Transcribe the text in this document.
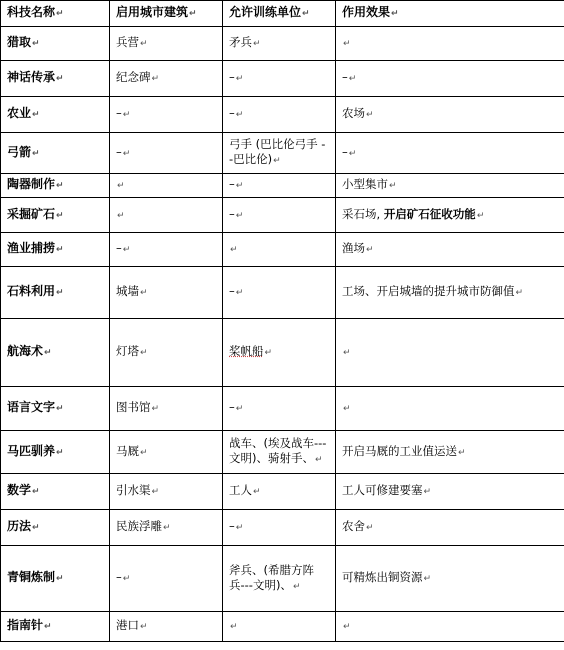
科技名称↵	启用城市建筑↵	允许训练单位↵	作用效果↵
猎取↵	兵营↵	矛兵↵	↵
神话传承↵	纪念碑↵	–↵	–↵
农业↵	–↵	–↵	农场↵
弓箭↵	–↵	弓手 (巴比伦弓手 --巴比伦)↵	–↵
陶器制作↵	↵	–↵	小型集市↵
采掘矿石↵	↵	–↵	采石场, 开启矿石征收功能↵
渔业捕捞↵	–↵	↵	渔场↵
石料利用↵	城墙↵	–↵	工场、开启城墙的提升城市防御值↵
航海术↵	灯塔↵	桨帆船↵	↵
语言文字↵	图书馆↵	–↵	↵
马匹驯养↵	马厩↵	战车、(埃及战车---文明)、骑射手、↵	开启马厩的工业值运送↵
数学↵	引水渠↵	工人↵	工人可修建要塞↵
历法↵	民族浮雕↵	–↵	农舍↵
青铜炼制↵	–↵	斧兵、(希腊方阵兵---文明)、↵	可精炼出铜资源↵
指南针↵	港口↵	↵	↵
